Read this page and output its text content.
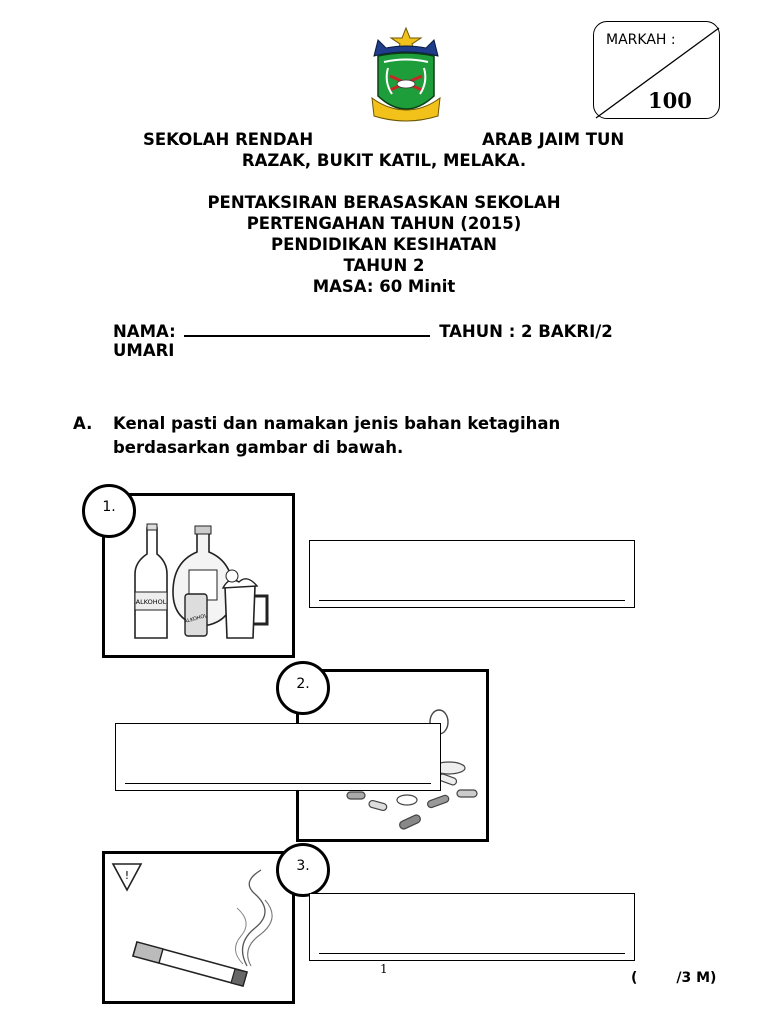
MARKAH :
100
SEKOLAH RENDAH	ARAB JAIM TUN
RAZAK, BUKIT KATIL, MELAKA.
PENTAKSIRAN BERASASKAN SEKOLAH
PERTENGAHAN TAHUN (2015)
PENDIDIKAN KESIHATAN
TAHUN 2
MASA: 60 Minit
NAMA:	TAHUN : 2 BAKRI/2
UMARI
A. Kenal pasti dan namakan jenis bahan ketagihan
berdasarkan gambar di bawah.
ALKOHOL
ALKOHOL
1.
2.
!
3.
1
(        /3 M)
